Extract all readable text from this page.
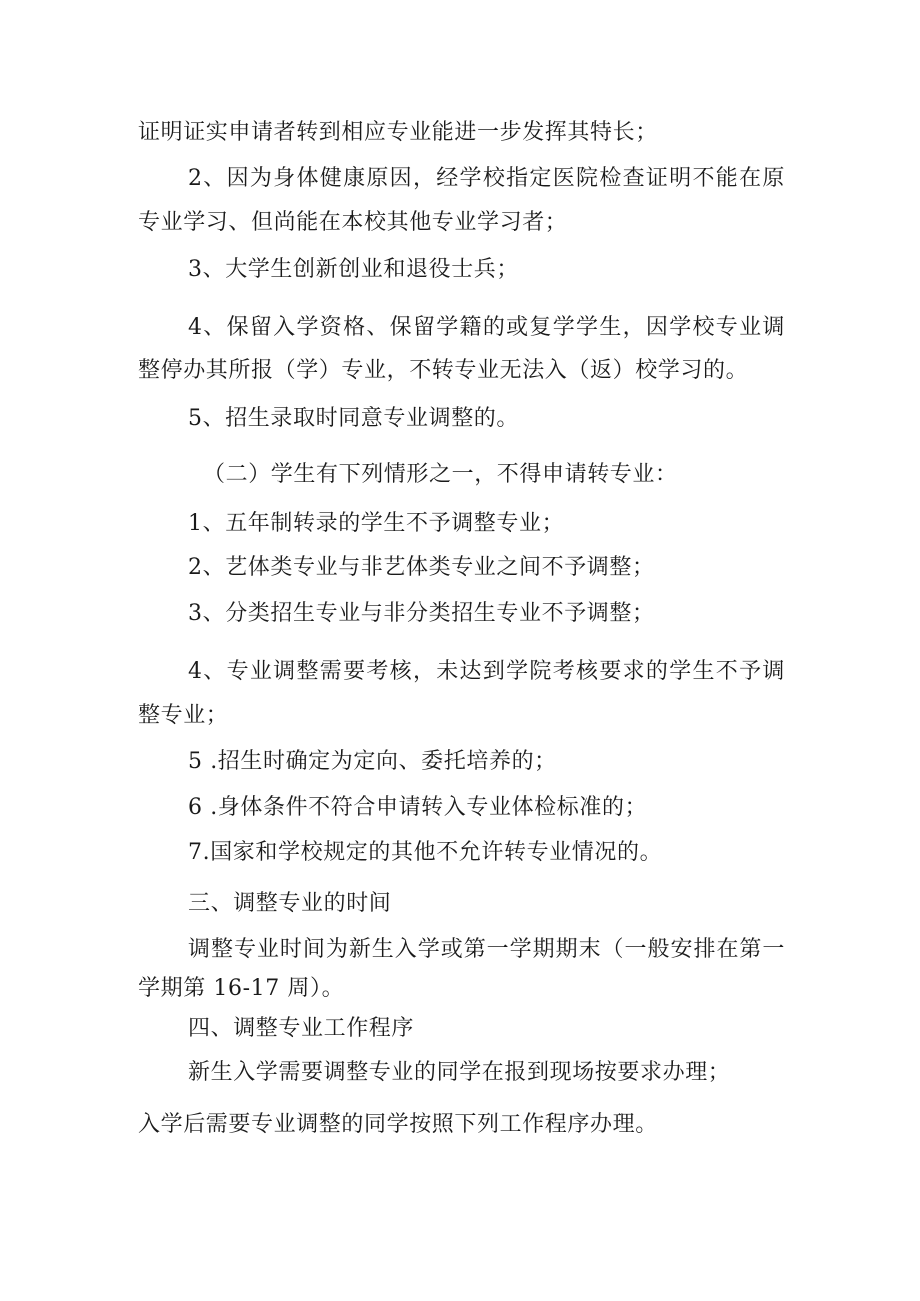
证明证实申请者转到相应专业能进一步发挥其特长；
2、因为身体健康原因，经学校指定医院检查证明不能在原
专业学习、但尚能在本校其他专业学习者；
3、大学生创新创业和退役士兵；
4、保留入学资格、保留学籍的或复学学生，因学校专业调
整停办其所报（学）专业，不转专业无法入（返）校学习的。
5、招生录取时同意专业调整的。
（二）学生有下列情形之一，不得申请转专业：
1、五年制转录的学生不予调整专业；
2、艺体类专业与非艺体类专业之间不予调整；
3、分类招生专业与非分类招生专业不予调整；
4、专业调整需要考核，未达到学院考核要求的学生不予调
整专业；
5 .招生时确定为定向、委托培养的；
6 .身体条件不符合申请转入专业体检标准的；
7.国家和学校规定的其他不允许转专业情况的。
三、调整专业的时间
调整专业时间为新生入学或第一学期期末（一般安排在第一
学期第 16-17 周）。
四、调整专业工作程序
新生入学需要调整专业的同学在报到现场按要求办理；
入学后需要专业调整的同学按照下列工作程序办理。
